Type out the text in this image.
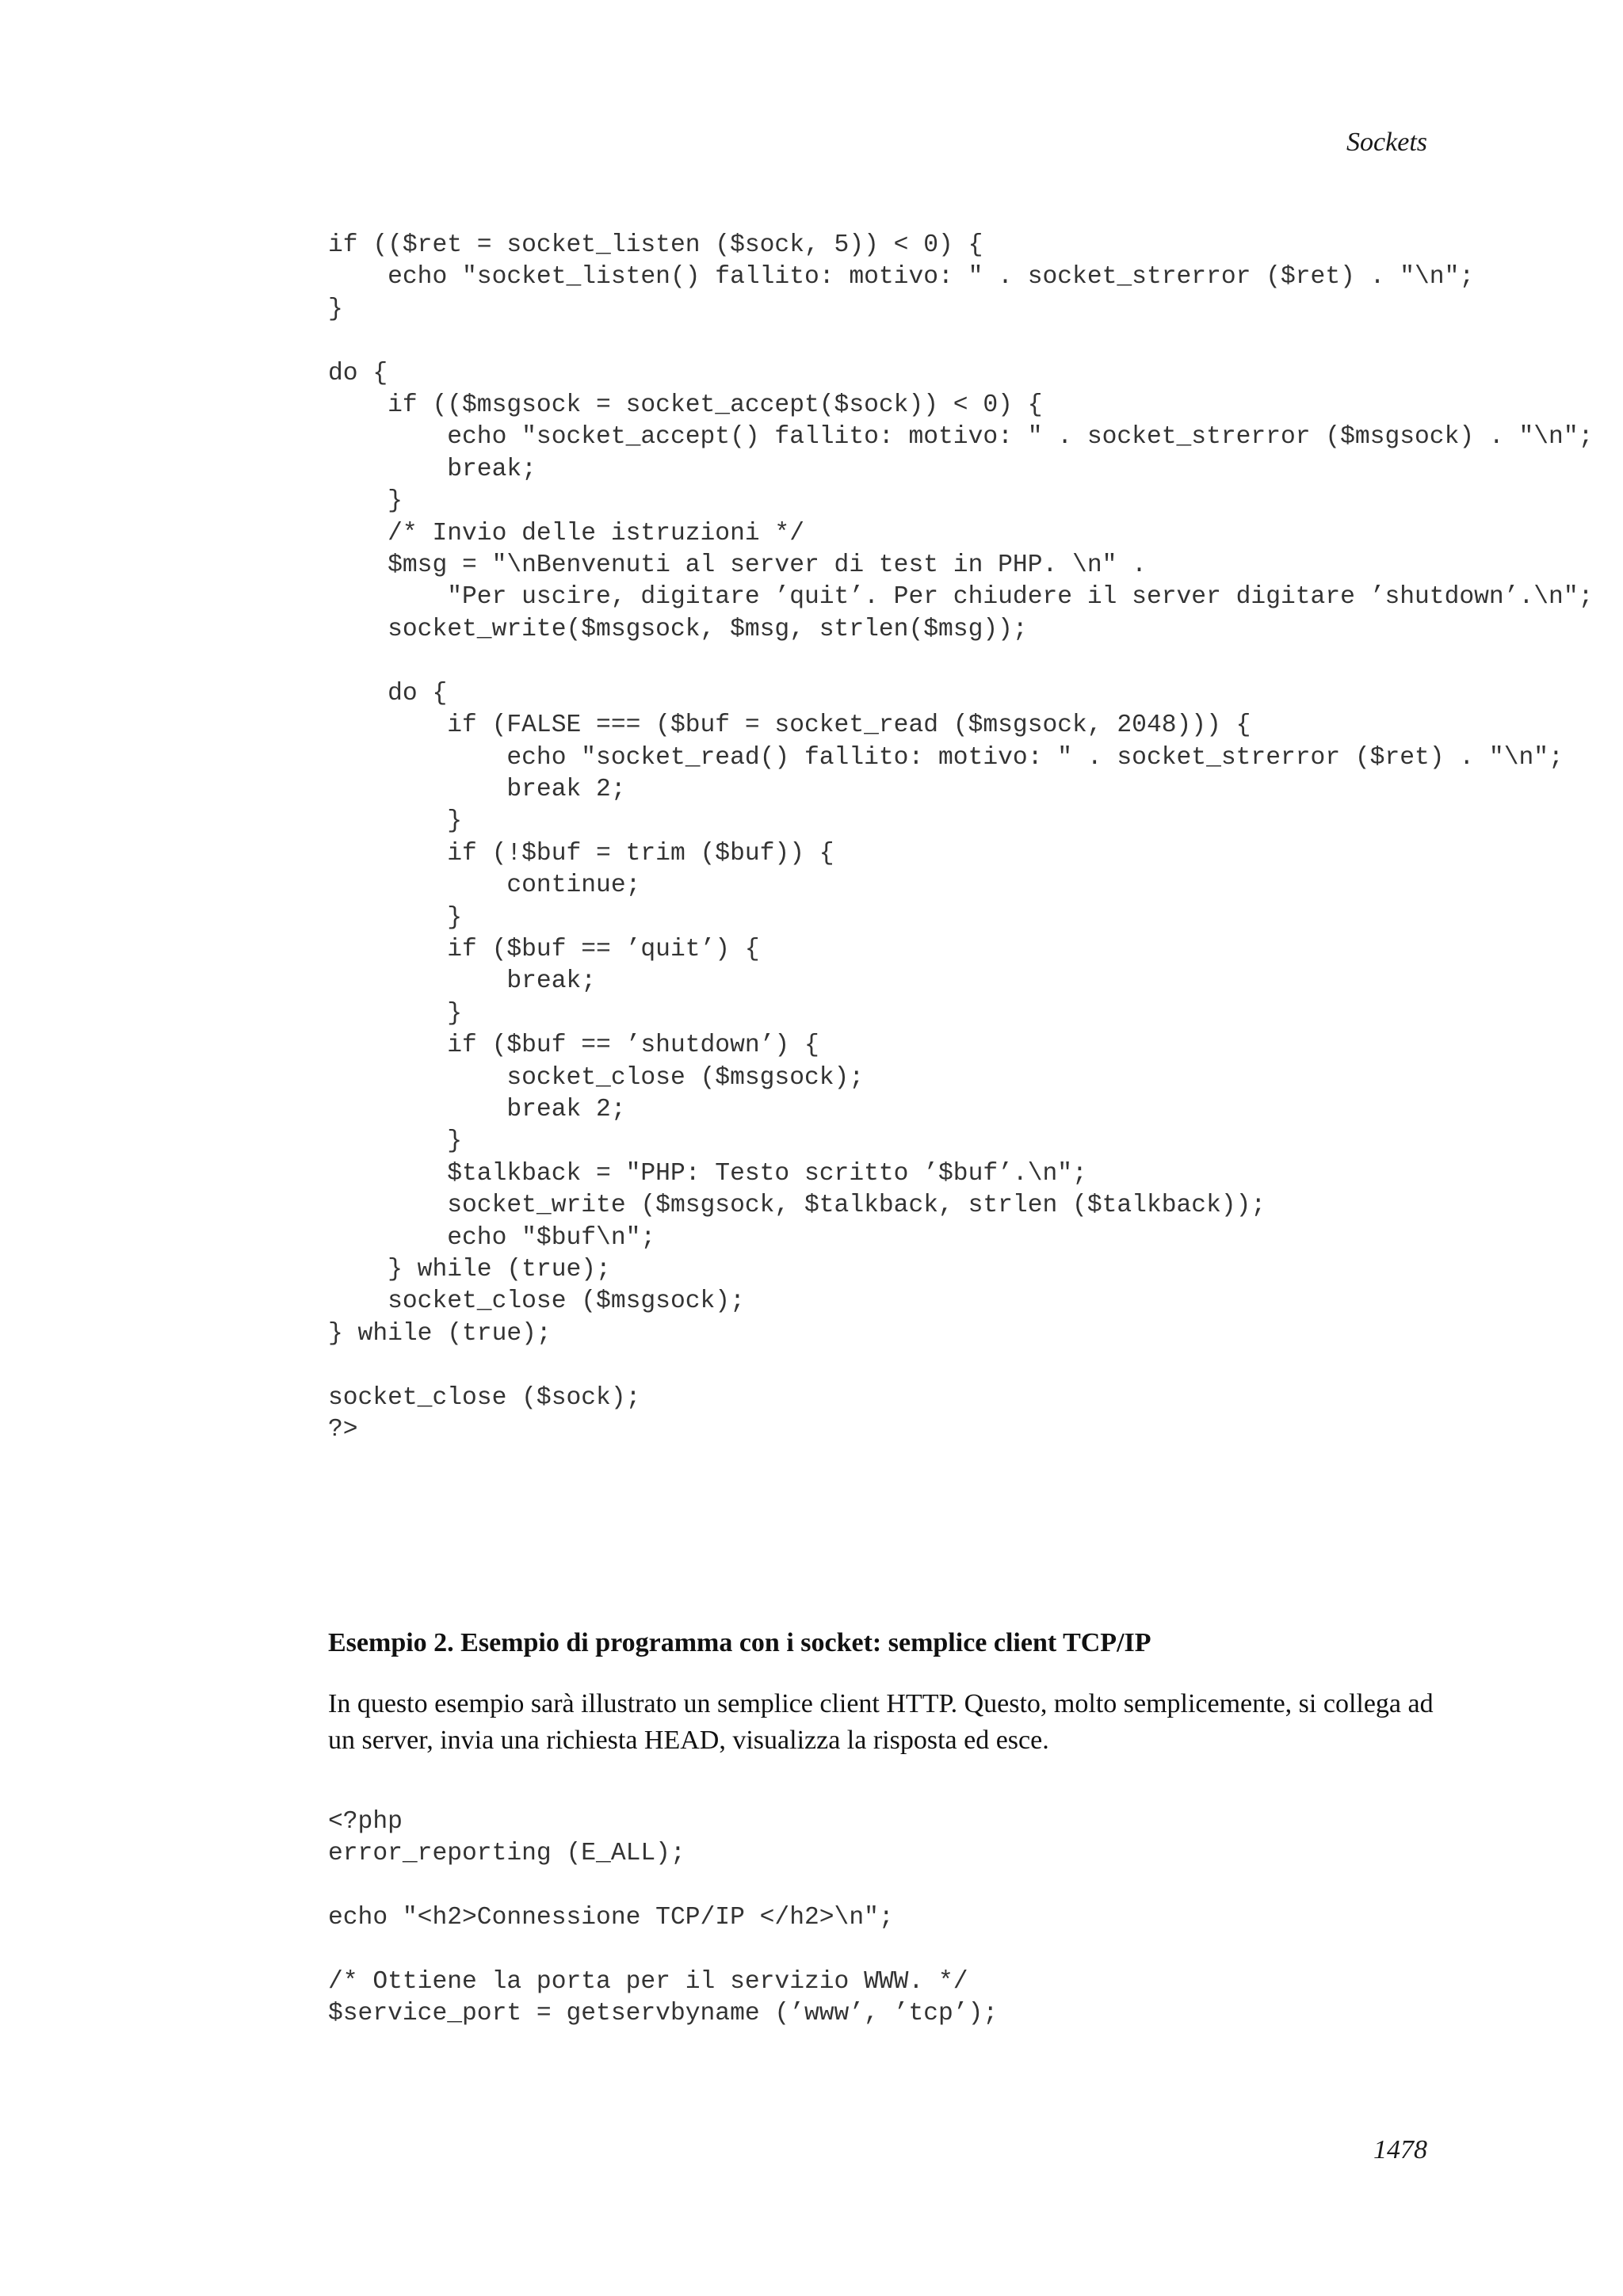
Sockets
if (($ret = socket_listen ($sock, 5)) < 0) {
echo "socket_listen() fallito: motivo: " . socket_strerror ($ret) . "\n";
}

do {
if (($msgsock = socket_accept($sock)) < 0) {
echo "socket_accept() fallito: motivo: " . socket_strerror ($msgsock) . "\n";
break;
}
/* Invio delle istruzioni */
$msg = "\nBenvenuti al server di test in PHP. \n" .
"Per uscire, digitare ’quit’. Per chiudere il server digitare ’shutdown’.\n";
socket_write($msgsock, $msg, strlen($msg));

do {
if (FALSE === ($buf = socket_read ($msgsock, 2048))) {
echo "socket_read() fallito: motivo: " . socket_strerror ($ret) . "\n";
break 2;
}
if (!$buf = trim ($buf)) {
continue;
}
if ($buf == ’quit’) {
break;
}
if ($buf == ’shutdown’) {
socket_close ($msgsock);
break 2;
}
$talkback = "PHP: Testo scritto ’$buf’.\n";
socket_write ($msgsock, $talkback, strlen ($talkback));
echo "$buf\n";
} while (true);
socket_close ($msgsock);
} while (true);

socket_close ($sock);
?>
Esempio 2. Esempio di programma con i socket: semplice client TCP/IP

In questo esempio sarà illustrato un semplice client HTTP. Questo, molto semplicemente, si collega ad un server, invia una richiesta HEAD, visualizza la risposta ed esce.

<?php
error_reporting (E_ALL);

echo "<h2>Connessione TCP/IP </h2>\n";

/* Ottiene la porta per il servizio WWW. */
$service_port = getservbyname (’www’, ’tcp’);
1478
